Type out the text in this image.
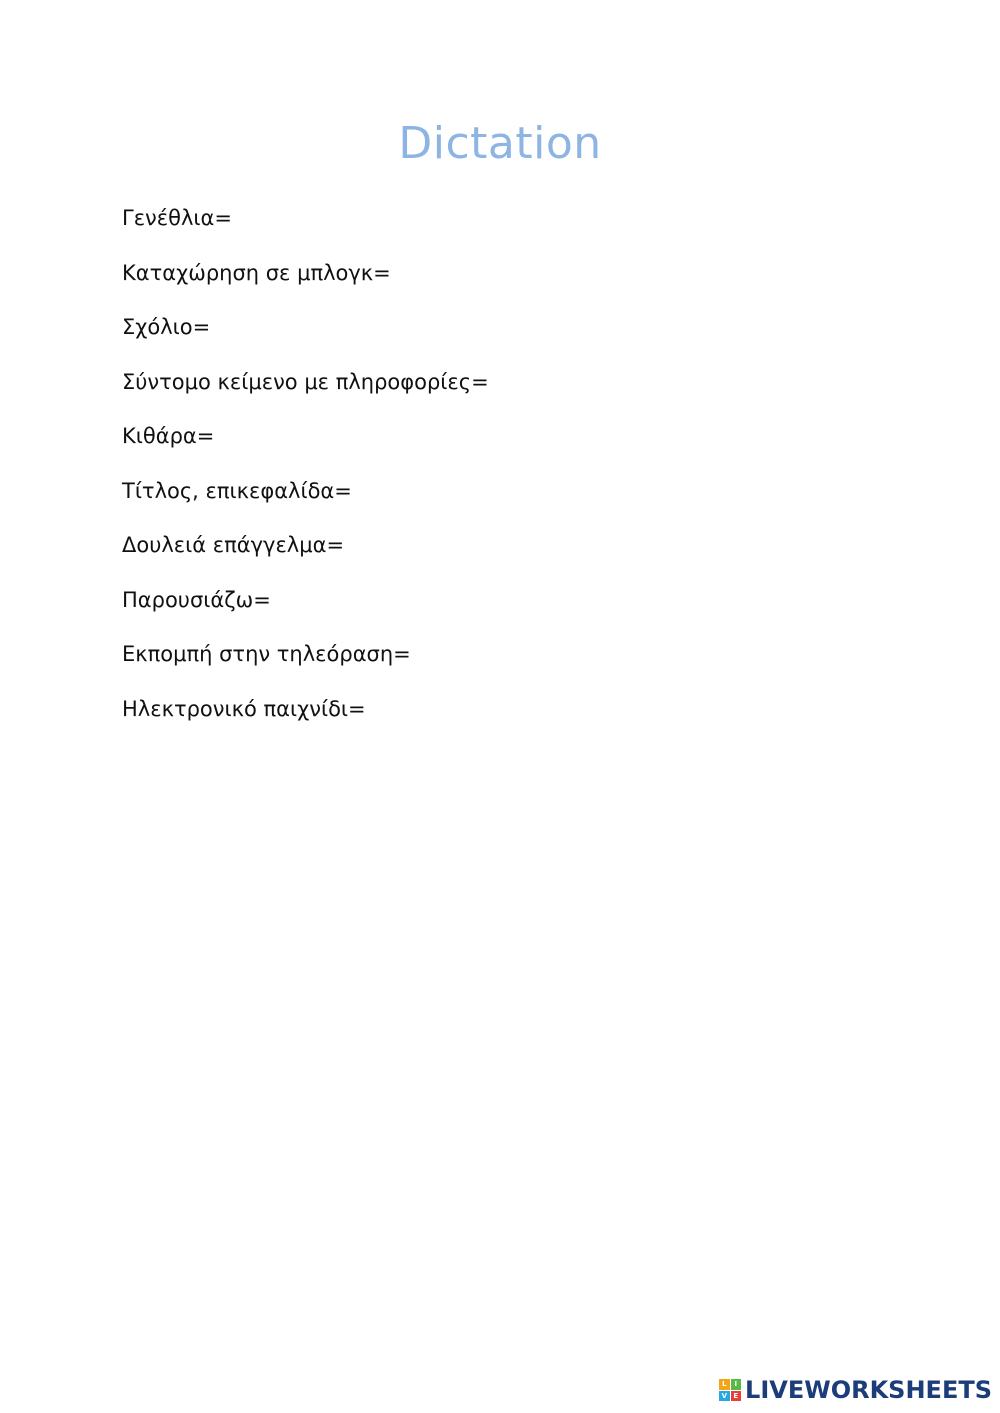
Dictation
Γενέθλια=
Καταχώρηση σε μπλογκ=
Σχόλιο=
Σύντομο κείμενο με πληροφορίες=
Κιθάρα=
Τίτλος, επικεφαλίδα=
Δουλειά επάγγελμα=
Παρουσιάζω=
Εκπομπή στην τηλεόραση=
Ηλεκτρονικό παιχνίδι=
L	I
V E LIVEWORKSHEETS
